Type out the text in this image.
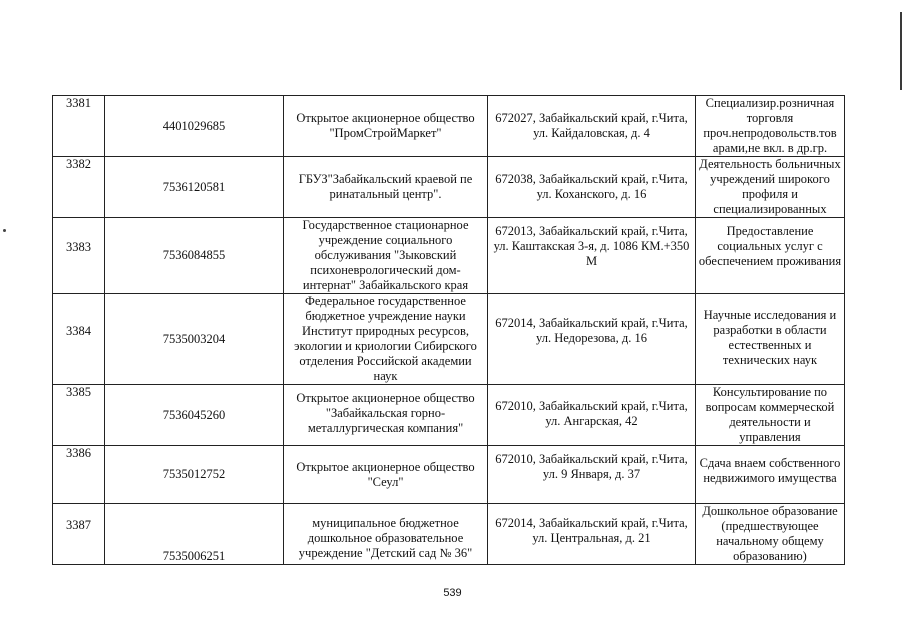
3381	4401029685	Открытое акционерное общество "ПромСтройМаркет"	672027, Забайкальский край, г.Чита, ул. Кайдаловская, д. 4	Специализир.розничная торговля проч.непродовольств.тов арами,не вкл. в др.гр.
3382	7536120581	ГБУЗ"Забайкальский краевой пе ринатальный центр".	672038, Забайкальский край, г.Чита, ул. Коханского, д. 16	Деятельность больничных учреждений широкого профиля и специализированных
3383	7536084855	Государственное стационарное учреждение социального обслуживания "Зыковский психоневрологический дом-интернат" Забайкальского края	672013, Забайкальский край, г.Чита, ул. Каштакская 3-я, д. 1086 КМ.+350 М	Предоставление социальных услуг с обеспечением проживания
3384	7535003204	Федеральное государственное бюджетное учреждение науки Институт природных ресурсов, экологии и криологии Сибирского отделения Российской академии наук	672014, Забайкальский край, г.Чита, ул. Недорезова, д. 16	Научные исследования и разработки в области естественных и технических наук
3385	7536045260	Открытое акционерное общество "Забайкальская горно-металлургическая компания"	672010, Забайкальский край, г.Чита, ул. Ангарская, 42	Консультирование по вопросам коммерческой деятельности и управления
3386	7535012752	Открытое акционерное общество "Сеул"	672010, Забайкальский край, г.Чита, ул. 9 Января, д. 37	Сдача внаем собственного недвижимого имущества
3387	7535006251	муниципальное бюджетное дошкольное образовательное учреждение "Детский сад № 36"	672014, Забайкальский край, г.Чита, ул. Центральная, д. 21	Дошкольное образование (предшествующее начальному общему образованию)
539
